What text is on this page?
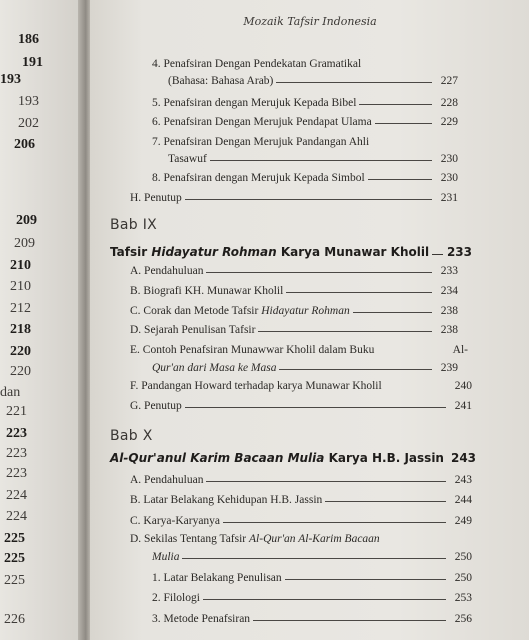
186
191
193
193
202
206
209
209
210
210
212
218
220
220
dan
221
223
223
223
224
224
225
225
225
226
Mozaik Tafsir Indonesia
4. Penafsiran Dengan Pendekatan Gramatikal
(Bahasa: Bahasa Arab)	227
5. Penafsiran dengan Merujuk Kepada Bibel	228
6. Penafsiran Dengan Merujuk Pendapat Ulama	229
7. Penafsiran Dengan Merujuk Pandangan Ahli
Tasawuf	230
8. Penafsiran dengan Merujuk Kepada Simbol	230
H. Penutup	231
Bab IX
Tafsir Hidayatur Rohman Karya Munawar Kholil 233
A. Pendahuluan	233
B. Biografi KH. Munawar Kholil	234
C. Corak dan Metode Tafsir Hidayatur Rohman	238
D. Sejarah Penulisan Tafsir	238
E. Contoh Penafsiran Munawwar Kholil dalam Buku	Al-
Qur'an dari Masa ke Masa	239
F. Pandangan Howard terhadap karya Munawar Kholil	240
G. Penutup	241
Bab X
Al-Qur'anul Karim Bacaan Mulia Karya H.B. Jassin 243
A. Pendahuluan	243
B. Latar Belakang Kehidupan H.B. Jassin	244
C. Karya-Karyanya	249
D. Sekilas Tentang Tafsir Al-Qur'an Al-Karim Bacaan
Mulia	250
1. Latar Belakang Penulisan	250
2. Filologi	253
3. Metode Penafsiran	256
